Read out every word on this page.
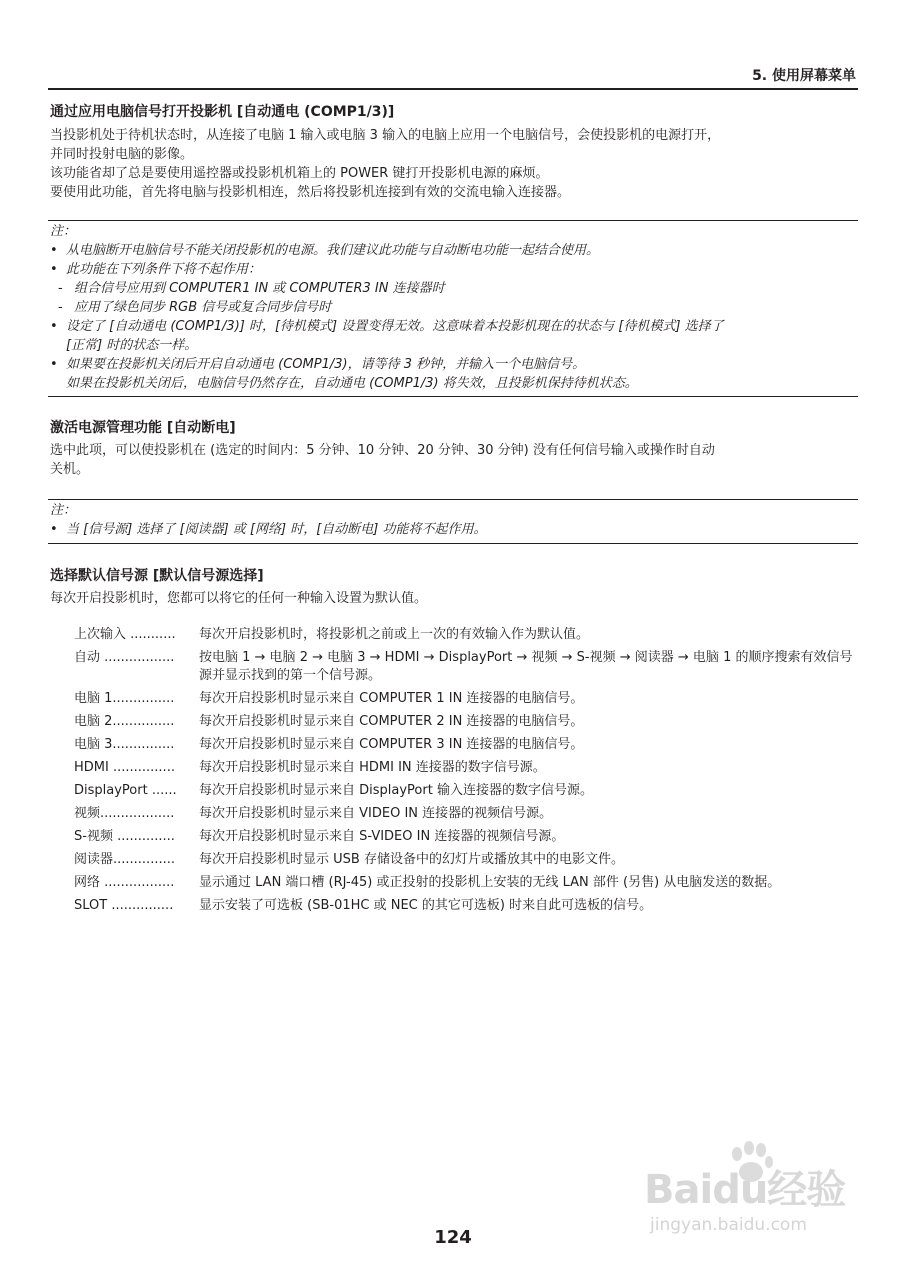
5. 使用屏幕菜单
通过应用电脑信号打开投影机 [自动通电 (COMP1/3)]
当投影机处于待机状态时，从连接了电脑 1 输入或电脑 3 输入的电脑上应用一个电脑信号，会使投影机的电源打开，
并同时投射电脑的影像。
该功能省却了总是要使用遥控器或投影机机箱上的 POWER 键打开投影机电源的麻烦。
要使用此功能，首先将电脑与投影机相连，然后将投影机连接到有效的交流电输入连接器。
注：
• 从电脑断开电脑信号不能关闭投影机的电源。我们建议此功能与自动断电功能一起结合使用。
• 此功能在下列条件下将不起作用：
- 组合信号应用到 COMPUTER1 IN 或 COMPUTER3 IN 连接器时
- 应用了绿色同步 RGB 信号或复合同步信号时
• 设定了 [自动通电 (COMP1/3)] 时，[待机模式] 设置变得无效。这意味着本投影机现在的状态与 [待机模式] 选择了
[正常] 时的状态一样。
• 如果要在投影机关闭后开启自动通电 (COMP1/3)，请等待 3 秒钟，并输入一个电脑信号。
如果在投影机关闭后，电脑信号仍然存在，自动通电 (COMP1/3) 将失效，且投影机保持待机状态。
激活电源管理功能 [自动断电]
选中此项，可以使投影机在 (选定的时间内：5 分钟、10 分钟、20 分钟、30 分钟) 没有任何信号输入或操作时自动
关机。
注：
• 当 [信号源] 选择了 [阅读器] 或 [网络] 时，[自动断电] 功能将不起作用。
选择默认信号源 [默认信号源选择]
每次开启投影机时，您都可以将它的任何一种输入设置为默认值。
上次输入 ...........	每次开启投影机时，将投影机之前或上一次的有效输入作为默认值。
自动 .................	按电脑 1 → 电脑 2 → 电脑 3 → HDMI → DisplayPort → 视频 → S-视频 → 阅读器 → 电脑 1 的顺序搜索有效信号源并显示找到的第一个信号源。
电脑 1...............	每次开启投影机时显示来自 COMPUTER 1 IN 连接器的电脑信号。
电脑 2...............	每次开启投影机时显示来自 COMPUTER 2 IN 连接器的电脑信号。
电脑 3...............	每次开启投影机时显示来自 COMPUTER 3 IN 连接器的电脑信号。
HDMI ...............	每次开启投影机时显示来自 HDMI IN 连接器的数字信号源。
DisplayPort ......	每次开启投影机时显示来自 DisplayPort 输入连接器的数字信号源。
视频..................	每次开启投影机时显示来自 VIDEO IN 连接器的视频信号源。
S-视频 ..............	每次开启投影机时显示来自 S-VIDEO IN 连接器的视频信号源。
阅读器...............	每次开启投影机时显示 USB 存储设备中的幻灯片或播放其中的电影文件。
网络 .................	显示通过 LAN 端口槽 (RJ-45) 或正投射的投影机上安装的无线 LAN 部件 (另售) 从电脑发送的数据。
SLOT ...............	显示安装了可选板 (SB-01HC 或 NEC 的其它可选板) 时来自此可选板的信号。
124
Baidu经验
jingyan.baidu.com
